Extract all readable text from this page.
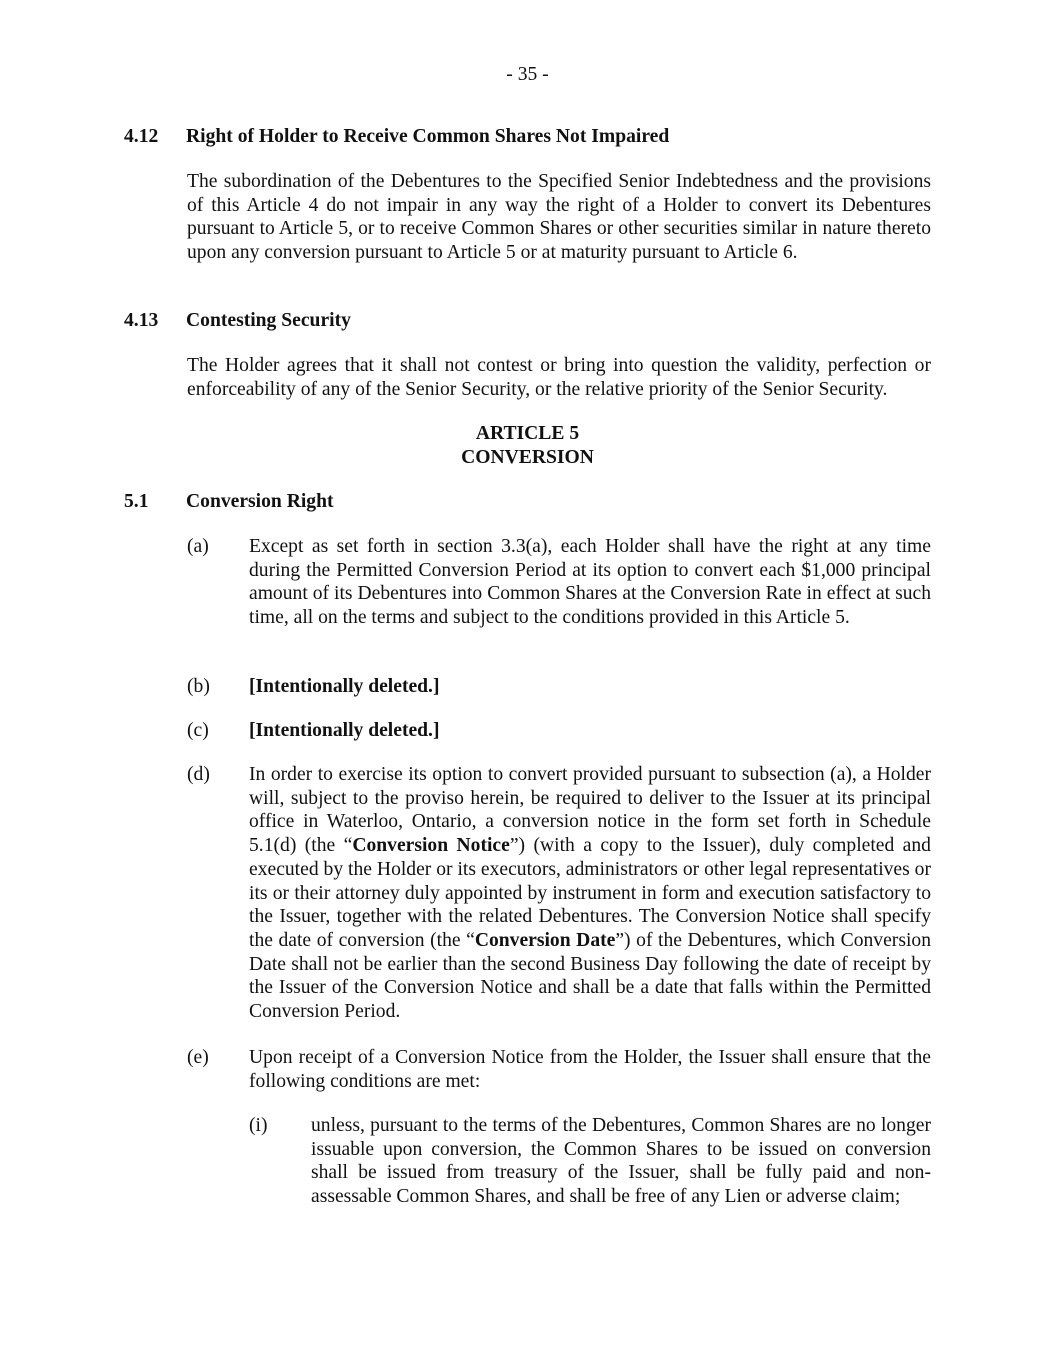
- 35 -
4.12 Right of Holder to Receive Common Shares Not Impaired

The subordination of the Debentures to the Specified Senior Indebtedness and the provisions of this Article 4 do not impair in any way the right of a Holder to convert its Debentures pursuant to Article 5, or to receive Common Shares or other securities similar in nature thereto upon any conversion pursuant to Article 5 or at maturity pursuant to Article 6.

4.13 Contesting Security

The Holder agrees that it shall not contest or bring into question the validity, perfection or enforceability of any of the Senior Security, or the relative priority of the Senior Security.

ARTICLE 5
CONVERSION
5.1 Conversion Right
(a) Except as set forth in section 3.3(a), each Holder shall have the right at any time during the Permitted Conversion Period at its option to convert each $1,000 principal amount of its Debentures into Common Shares at the Conversion Rate in effect at such time, all on the terms and subject to the conditions provided in this Article 5.
(b) [Intentionally deleted.]
(c) [Intentionally deleted.]
(d) In order to exercise its option to convert provided pursuant to subsection (a), a Holder will, subject to the proviso herein, be required to deliver to the Issuer at its principal office in Waterloo, Ontario, a conversion notice in the form set forth in Schedule 5.1(d) (the “Conversion Notice”) (with a copy to the Issuer), duly completed and executed by the Holder or its executors, administrators or other legal representatives or its or their attorney duly appointed by instrument in form and execution satisfactory to the Issuer, together with the related Debentures. The Conversion Notice shall specify the date of conversion (the “Conversion Date”) of the Debentures, which Conversion Date shall not be earlier than the second Business Day following the date of receipt by the Issuer of the Conversion Notice and shall be a date that falls within the Permitted Conversion Period.
(e) Upon receipt of a Conversion Notice from the Holder, the Issuer shall ensure that the following conditions are met:
(i) unless, pursuant to the terms of the Debentures, Common Shares are no longer issuable upon conversion, the Common Shares to be issued on conversion shall be issued from treasury of the Issuer, shall be fully paid and non-assessable Common Shares, and shall be free of any Lien or adverse claim;
